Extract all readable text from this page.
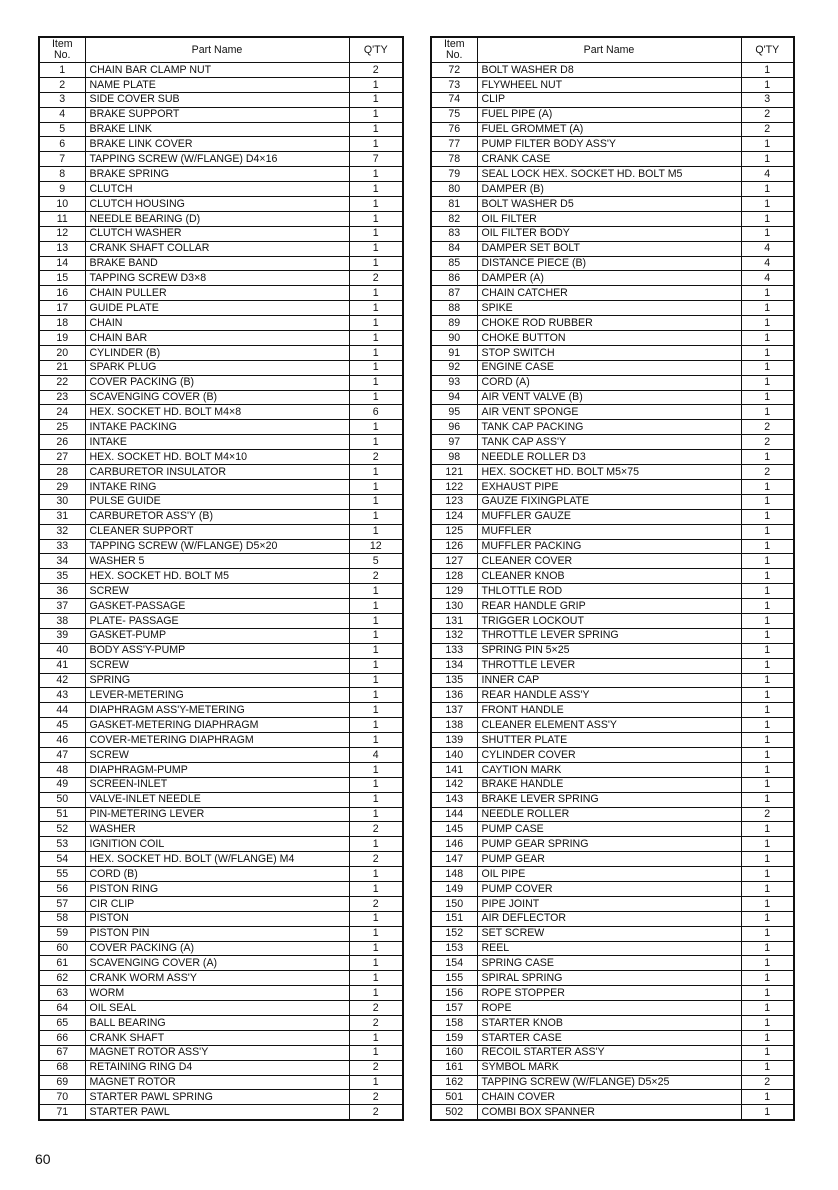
Item
No.	Part Name	Q'TY
1	CHAIN BAR CLAMP NUT	2
2	NAME PLATE	1
3	SIDE COVER SUB	1
4	BRAKE SUPPORT	1
5	BRAKE LINK	1
6	BRAKE LINK COVER	1
7	TAPPING SCREW (W/FLANGE) D4×16	7
8	BRAKE SPRING	1
9	CLUTCH	1
10	CLUTCH HOUSING	1
11	NEEDLE BEARING (D)	1
12	CLUTCH WASHER	1
13	CRANK SHAFT COLLAR	1
14	BRAKE BAND	1
15	TAPPING SCREW D3×8	2
16	CHAIN PULLER	1
17	GUIDE PLATE	1
18	CHAIN	1
19	CHAIN BAR	1
20	CYLINDER (B)	1
21	SPARK PLUG	1
22	COVER PACKING (B)	1
23	SCAVENGING COVER (B)	1
24	HEX. SOCKET HD. BOLT M4×8	6
25	INTAKE PACKING	1
26	INTAKE	1
27	HEX. SOCKET HD. BOLT M4×10	2
28	CARBURETOR INSULATOR	1
29	INTAKE RING	1
30	PULSE GUIDE	1
31	CARBURETOR ASS'Y (B)	1
32	CLEANER SUPPORT	1
33	TAPPING SCREW (W/FLANGE) D5×20	12
34	WASHER 5	5
35	HEX. SOCKET HD. BOLT M5	2
36	SCREW	1
37	GASKET-PASSAGE	1
38	PLATE- PASSAGE	1
39	GASKET-PUMP	1
40	BODY ASS'Y-PUMP	1
41	SCREW	1
42	SPRING	1
43	LEVER-METERING	1
44	DIAPHRAGM ASS'Y-METERING	1
45	GASKET-METERING DIAPHRAGM	1
46	COVER-METERING DIAPHRAGM	1
47	SCREW	4
48	DIAPHRAGM-PUMP	1
49	SCREEN-INLET	1
50	VALVE-INLET NEEDLE	1
51	PIN-METERING LEVER	1
52	WASHER	2
53	IGNITION COIL	1
54	HEX. SOCKET HD. BOLT (W/FLANGE) M4	2
55	CORD (B)	1
56	PISTON RING	1
57	CIR CLIP	2
58	PISTON	1
59	PISTON PIN	1
60	COVER PACKING (A)	1
61	SCAVENGING COVER (A)	1
62	CRANK WORM ASS'Y	1
63	WORM	1
64	OIL SEAL	2
65	BALL BEARING	2
66	CRANK SHAFT	1
67	MAGNET ROTOR ASS'Y	1
68	RETAINING RING D4	2
69	MAGNET ROTOR	1
70	STARTER PAWL SPRING	2
71	STARTER PAWL	2
Item
No.	Part Name	Q'TY
72	BOLT WASHER D8	1
73	FLYWHEEL NUT	1
74	CLIP	3
75	FUEL PIPE (A)	2
76	FUEL GROMMET (A)	2
77	PUMP FILTER BODY ASS'Y	1
78	CRANK CASE	1
79	SEAL LOCK HEX. SOCKET HD. BOLT M5	4
80	DAMPER (B)	1
81	BOLT WASHER D5	1
82	OIL FILTER	1
83	OIL FILTER BODY	1
84	DAMPER SET BOLT	4
85	DISTANCE PIECE (B)	4
86	DAMPER (A)	4
87	CHAIN CATCHER	1
88	SPIKE	1
89	CHOKE ROD RUBBER	1
90	CHOKE BUTTON	1
91	STOP SWITCH	1
92	ENGINE CASE	1
93	CORD (A)	1
94	AIR VENT VALVE (B)	1
95	AIR VENT SPONGE	1
96	TANK CAP PACKING	2
97	TANK CAP ASS'Y	2
98	NEEDLE ROLLER D3	1
121	HEX. SOCKET HD. BOLT M5×75	2
122	EXHAUST PIPE	1
123	GAUZE FIXINGPLATE	1
124	MUFFLER GAUZE	1
125	MUFFLER	1
126	MUFFLER PACKING	1
127	CLEANER COVER	1
128	CLEANER KNOB	1
129	THLOTTLE ROD	1
130	REAR HANDLE GRIP	1
131	TRIGGER LOCKOUT	1
132	THROTTLE LEVER SPRING	1
133	SPRING PIN 5×25	1
134	THROTTLE LEVER	1
135	INNER CAP	1
136	REAR HANDLE ASS'Y	1
137	FRONT HANDLE	1
138	CLEANER ELEMENT ASS'Y	1
139	SHUTTER PLATE	1
140	CYLINDER COVER	1
141	CAYTION MARK	1
142	BRAKE HANDLE	1
143	BRAKE LEVER SPRING	1
144	NEEDLE ROLLER	2
145	PUMP CASE	1
146	PUMP GEAR SPRING	1
147	PUMP GEAR	1
148	OIL PIPE	1
149	PUMP COVER	1
150	PIPE JOINT	1
151	AIR DEFLECTOR	1
152	SET SCREW	1
153	REEL	1
154	SPRING CASE	1
155	SPIRAL SPRING	1
156	ROPE STOPPER	1
157	ROPE	1
158	STARTER KNOB	1
159	STARTER CASE	1
160	RECOIL STARTER ASS'Y	1
161	SYMBOL MARK	1
162	TAPPING SCREW (W/FLANGE) D5×25	2
501	CHAIN COVER	1
502	COMBI BOX SPANNER	1
60
